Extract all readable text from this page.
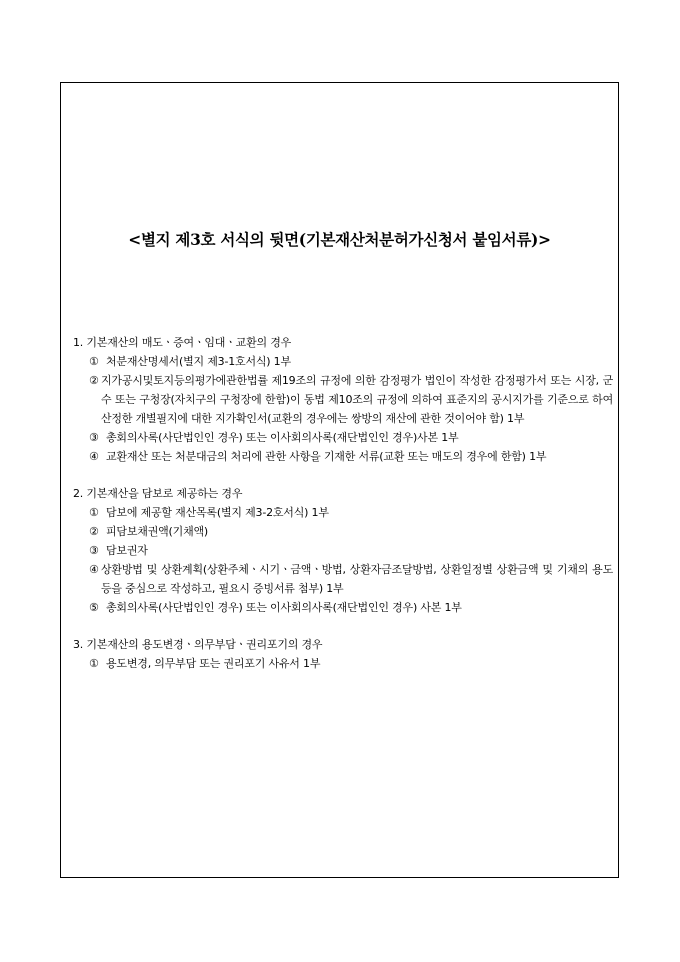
<별지 제3호 서식의 뒷면(기본재산처분허가신청서 붙임서류)>
1. 기본재산의 매도ㆍ증여ㆍ임대ㆍ교환의 경우
① 처분재산명세서(별지 제3-1호서식) 1부
② 지가공시및토지등의평가에관한법률 제19조의 규정에 의한 감정평가 법인이 작성한 감정평가서 또는 시장, 군수 또는 구청장(자치구의 구청장에 한함)이 동법 제10조의 규정에 의하여 표준지의 공시지가를 기준으로 하여 산정한 개별필지에 대한 지가확인서(교환의 경우에는 쌍방의 재산에 관한 것이어야 함) 1부
③ 총회의사록(사단법인인 경우) 또는 이사회의사록(재단법인인 경우)사본 1부
④ 교환재산 또는 처분대금의 처리에 관한 사항을 기재한 서류(교환 또는 매도의 경우에 한함) 1부
2. 기본재산을 담보로 제공하는 경우
① 담보에 제공할 재산목록(별지 제3-2호서식) 1부
② 피담보채권액(기채액)
③ 담보권자
④ 상환방법 및 상환계획(상환주체ㆍ시기ㆍ금액ㆍ방법, 상환자금조달방법, 상환일정별 상환금액 및 기채의 용도 등을 중심으로 작성하고, 필요시 증빙서류 첨부) 1부
⑤ 총회의사록(사단법인인 경우) 또는 이사회의사록(재단법인인 경우) 사본 1부
3. 기본재산의 용도변경ㆍ의무부담ㆍ권리포기의 경우
① 용도변경, 의무부담 또는 권리포기 사유서 1부
